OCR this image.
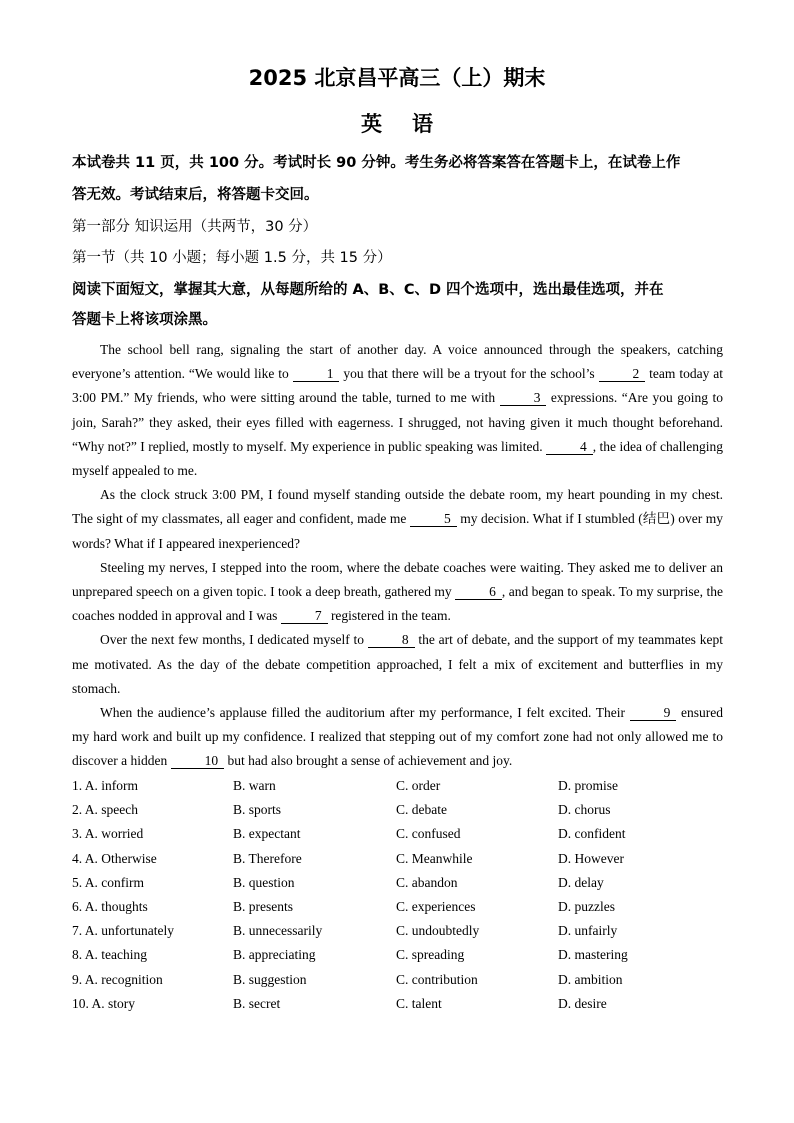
2025 北京昌平高三（上）期末
英语
本试卷共 11 页，共 100 分。考试时长 90 分钟。考生务必将答案答在答题卡上，在试卷上作
答无效。考试结束后，将答题卡交回。
第一部分 知识运用（共两节，30 分）
第一节（共 10 小题；每小题 1.5 分，共 15 分）
阅读下面短文，掌握其大意，从每题所给的 A、B、C、D 四个选项中，选出最佳选项，并在
答题卡上将该项涂黑。

The school bell rang, signaling the start of another day. A voice announced through the speakers, catching everyone’s attention. “We would like to	1 you that there will be a tryout for the school’s	2 team today at 3:00 PM.” My friends, who were sitting around the table, turned to me with	3 expressions. “Are you going to join, Sarah?” they asked, their eyes filled with eagerness. I shrugged, not having given it much thought beforehand. “Why not?” I replied, mostly to myself. My experience in public speaking was limited.	4 , the idea of challenging myself appealed to me.

As the clock struck 3:00 PM, I found myself standing outside the debate room, my heart pounding in my chest. The sight of my classmates, all eager and confident, made me	5 my decision. What if I stumbled (结巴) over my words? What if I appeared inexperienced?

Steeling my nerves, I stepped into the room, where the debate coaches were waiting. They asked me to deliver an unprepared speech on a given topic. I took a deep breath, gathered my	6 , and began to speak. To my surprise, the coaches nodded in approval and I was	7 registered in the team.

Over the next few months, I dedicated myself to	8 the art of debate, and the support of my teammates kept me motivated. As the day of the debate competition approached, I felt a mix of excitement and butterflies in my stomach.

When the audience’s applause filled the auditorium after my performance, I felt excited. Their	9 ensured my hard work and built up my confidence. I realized that stepping out of my comfort zone had not only allowed me to discover a hidden	10 but had also brought a sense of achievement and joy.

1. A. inform	B. warn	C. order	D. promise
2. A. speech	B. sports	C. debate	D. chorus
3. A. worried	B. expectant	C. confused	D. confident
4. A. Otherwise	B. Therefore	C. Meanwhile	D. However
5. A. confirm	B. question	C. abandon	D. delay
6. A. thoughts	B. presents	C. experiences	D. puzzles
7. A. unfortunately	B. unnecessarily	C. undoubtedly	D. unfairly
8. A. teaching	B. appreciating	C. spreading	D. mastering
9. A. recognition	B. suggestion	C. contribution	D. ambition
10. A. story	B. secret	C. talent	D. desire
